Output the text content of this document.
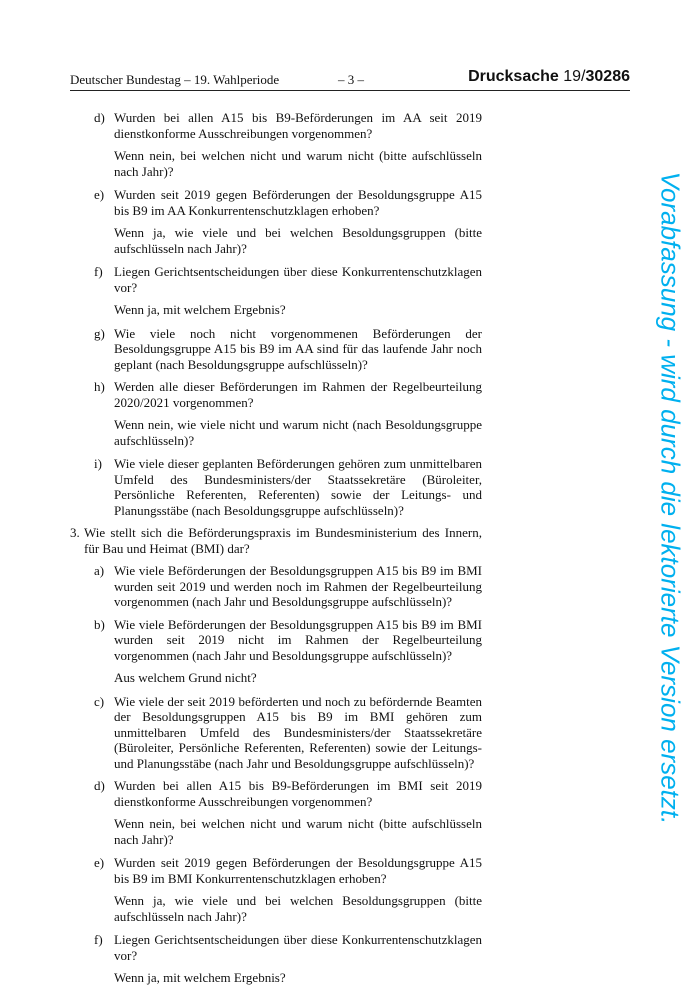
Deutscher Bundestag – 19. Wahlperiode	– 3 –	Drucksache 19/30286
d) Wurden bei allen A15 bis B9-Beförderungen im AA seit 2019 dienstkonforme Ausschreibungen vorgenommen?
Wenn nein, bei welchen nicht und warum nicht (bitte aufschlüsseln nach Jahr)?
e) Wurden seit 2019 gegen Beförderungen der Besoldungsgruppe A15 bis B9 im AA Konkurrentenschutzklagen erhoben?
Wenn ja, wie viele und bei welchen Besoldungsgruppen (bitte aufschlüsseln nach Jahr)?
f) Liegen Gerichtsentscheidungen über diese Konkurrentenschutzklagen vor?
Wenn ja, mit welchem Ergebnis?
g) Wie viele noch nicht vorgenommenen Beförderungen der Besoldungsgruppe A15 bis B9 im AA sind für das laufende Jahr noch geplant (nach Besoldungsgruppe aufschlüsseln)?
h) Werden alle dieser Beförderungen im Rahmen der Regelbeurteilung 2020/2021 vorgenommen?
Wenn nein, wie viele nicht und warum nicht (nach Besoldungsgruppe aufschlüsseln)?
i) Wie viele dieser geplanten Beförderungen gehören zum unmittelbaren Umfeld des Bundesministers/der Staatssekretäre (Büroleiter, Persönliche Referenten, Referenten) sowie der Leitungs- und Planungsstäbe (nach Besoldungsgruppe aufschlüsseln)?
3. Wie stellt sich die Beförderungspraxis im Bundesministerium des Innern, für Bau und Heimat (BMI) dar?
a) Wie viele Beförderungen der Besoldungsgruppen A15 bis B9 im BMI wurden seit 2019 und werden noch im Rahmen der Regelbeurteilung vorgenommen (nach Jahr und Besoldungsgruppe aufschlüsseln)?
b) Wie viele Beförderungen der Besoldungsgruppen A15 bis B9 im BMI wurden seit 2019 nicht im Rahmen der Regelbeurteilung vorgenommen (nach Jahr und Besoldungsgruppe aufschlüsseln)?
Aus welchem Grund nicht?
c) Wie viele der seit 2019 beförderten und noch zu befördernde Beamten der Besoldungsgruppen A15 bis B9 im BMI gehören zum unmittelbaren Umfeld des Bundesministers/der Staatssekretäre (Büroleiter, Persönliche Referenten, Referenten) sowie der Leitungs- und Planungsstäbe (nach Jahr und Besoldungsgruppe aufschlüsseln)?
d) Wurden bei allen A15 bis B9-Beförderungen im BMI seit 2019 dienstkonforme Ausschreibungen vorgenommen?
Wenn nein, bei welchen nicht und warum nicht (bitte aufschlüsseln nach Jahr)?
e) Wurden seit 2019 gegen Beförderungen der Besoldungsgruppe A15 bis B9 im BMI Konkurrentenschutzklagen erhoben?
Wenn ja, wie viele und bei welchen Besoldungsgruppen (bitte aufschlüsseln nach Jahr)?
f) Liegen Gerichtsentscheidungen über diese Konkurrentenschutzklagen vor?
Wenn ja, mit welchem Ergebnis?
Vorabfassung - wird durch die lektorierte Version ersetzt.
